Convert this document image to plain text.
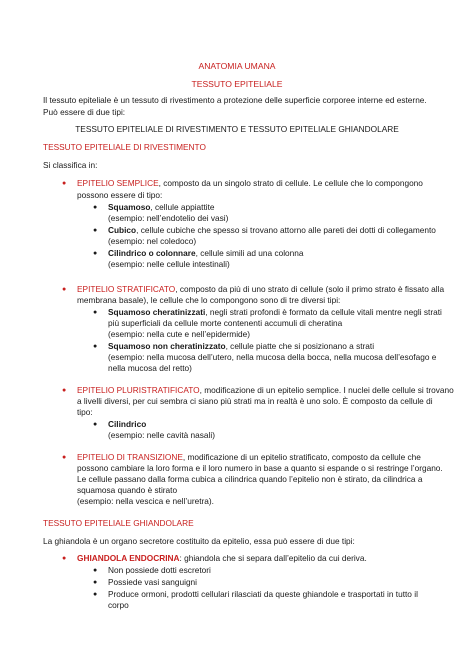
ANATOMIA UMANA
TESSUTO EPITELIALE
Il tessuto epiteliale è un tessuto di rivestimento a protezione delle superficie corporee interne ed esterne.
Può essere di due tipi:
TESSUTO EPITELIALE DI RIVESTIMENTO E TESSUTO EPITELIALE GHIANDOLARE
TESSUTO EPITELIALE DI RIVESTIMENTO
Si classifica in:
● EPITELIO SEMPLICE, composto da un singolo strato di cellule. Le cellule che lo compongono
possono essere di tipo:
● Squamoso, cellule appiattite
(esempio: nell’endotelio dei vasi)
● Cubico, cellule cubiche che spesso si trovano attorno alle pareti dei dotti di collegamento
(esempio: nel coledoco)
● Cilindrico o colonnare, cellule simili ad una colonna
(esempio: nelle cellule intestinali)
● EPITELIO STRATIFICATO, composto da più di uno strato di cellule (solo il primo strato è fissato alla
membrana basale), le cellule che lo compongono sono di tre diversi tipi:
● Squamoso cheratinizzati, negli strati profondi è formato da cellule vitali mentre negli strati
più superficiali da cellule morte contenenti accumuli di cheratina
(esempio: nella cute e nell’epidermide)
● Squamoso non cheratinizzato, cellule piatte che si posizionano a strati
(esempio: nella mucosa dell’utero, nella mucosa della bocca, nella mucosa dell’esofago e
nella mucosa del retto)
● EPITELIO PLURISTRATIFICATO, modificazione di un epitelio semplice. I nuclei delle cellule si trovano
a livelli diversi, per cui sembra ci siano più strati ma in realtà è uno solo. È composto da cellule di
tipo:
● Cilindrico
(esempio: nelle cavità nasali)
● EPITELIO DI TRANSIZIONE, modificazione di un epitelio stratificato, composto da cellule che
possono cambiare la loro forma e il loro numero in base a quanto si espande o si restringe l’organo.
Le cellule passano dalla forma cubica a cilindrica quando l’epitelio non è stirato, da cilindrica a
squamosa quando è stirato
(esempio: nella vescica e nell’uretra).
TESSUTO EPITELIALE GHIANDOLARE
La ghiandola è un organo secretore costituito da epitelio, essa può essere di due tipi:
● GHIANDOLA ENDOCRINA: ghiandola che si separa dall’epitelio da cui deriva.
● Non possiede dotti escretori
● Possiede vasi sanguigni
● Produce ormoni, prodotti cellulari rilasciati da queste ghiandole e trasportati in tutto il
corpo
